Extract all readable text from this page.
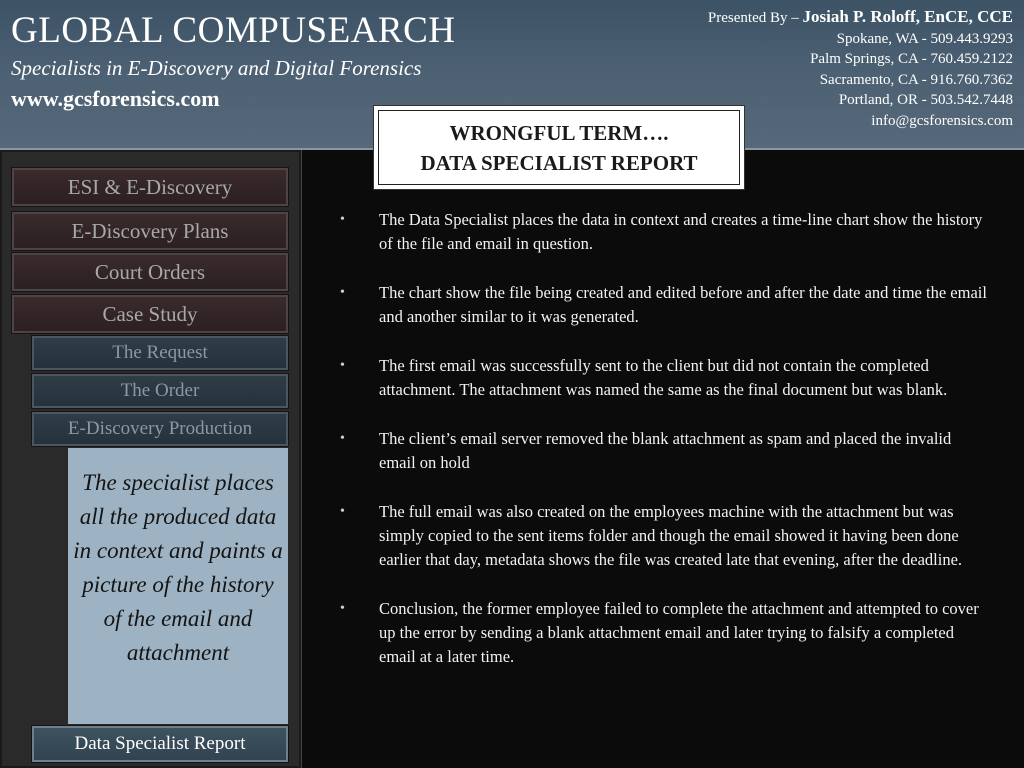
GLOBAL COMPUSEARCH
Specialists in E-Discovery and Digital Forensics
www.gcsforensics.com
Presented By – Josiah P. Roloff, EnCE, CCE
Spokane, WA - 509.443.9293
Palm Springs, CA - 760.459.2122
Sacramento, CA - 916.760.7362
Portland, OR - 503.542.7448
info@gcsforensics.com
WRONGFUL TERM….
DATA SPECIALIST REPORT
ESI & E-Discovery
E-Discovery Plans
Court Orders
Case Study
The Request
The Order
E-Discovery Production
The specialist places all the produced data in context and paints a picture of the history of the email and attachment
Data Specialist Report
• The Data Specialist places the data in context and creates a time-line chart show the history of the file and email in question.
• The chart show the file being created and edited before and after the date and time the email and another similar to it was generated.
• The first email was successfully sent to the client but did not contain the completed attachment. The attachment was named the same as the final document but was blank.
• The client’s email server removed the blank attachment as spam and placed the invalid email on hold
• The full email was also created on the employees machine with the attachment but was simply copied to the sent items folder and though the email showed it having been done earlier that day, metadata shows the file was created late that evening, after the deadline.
• Conclusion, the former employee failed to complete the attachment and attempted to cover up the error by sending a blank attachment email and later trying to falsify a completed email at a later time.
